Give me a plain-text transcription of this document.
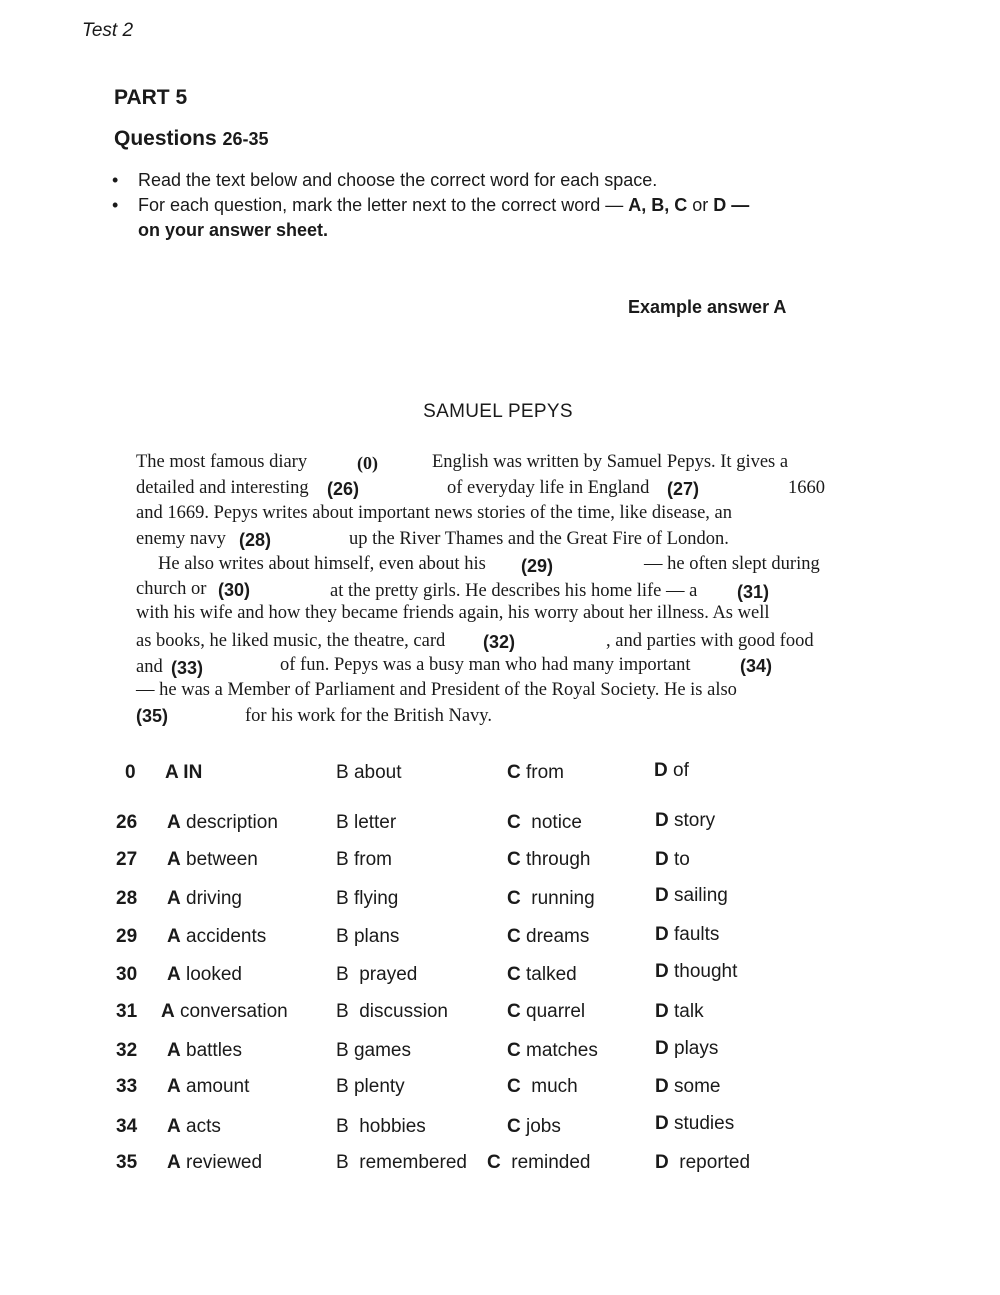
Test 2
PART 5
Questions 26-35
• Read the text below and choose the correct word for each space.
• For each question, mark the letter next to the correct word — A, B, C or D —
on your answer sheet.
Example answer A
SAMUEL PEPYS
The most famous diary	(0)	English was written by Samuel Pepys. It gives a
detailed and interesting (26)	of everyday life in England (27)	1660
and 1669. Pepys writes about important news stories of the time, like disease, an
enemy navy (28)	up the River Thames and the Great Fire of London.
He also writes about himself, even about his (29)	— he often slept during
church or (30)	at the pretty girls. He describes his home life — a (31)
with his wife and how they became friends again, his worry about her illness. As well
as books, he liked music, the theatre, card (32)	, and parties with good food
and (33)	of fun. Pepys was a busy man who had many important	(34)
— he was a Member of Parliament and President of the Royal Society. He is also
(35)	for his work for the British Navy.
0 A IN	B about	C from	D of
26 A description	B letter	C  notice	D story
27 A between	B from	C through	D to
28 A driving	B flying	C  running	D sailing
29 A accidents	B plans	C dreams	D faults
30 A looked	B  prayed	C talked	D thought
31 A conversation	B  discussion	C quarrel	D talk
32 A battles	B games	C matches	D plays
33 A amount	B plenty	C  much	D some
34 A acts	B  hobbies	C jobs	D studies
35 A reviewed	B  remembered C  reminded	D  reported
